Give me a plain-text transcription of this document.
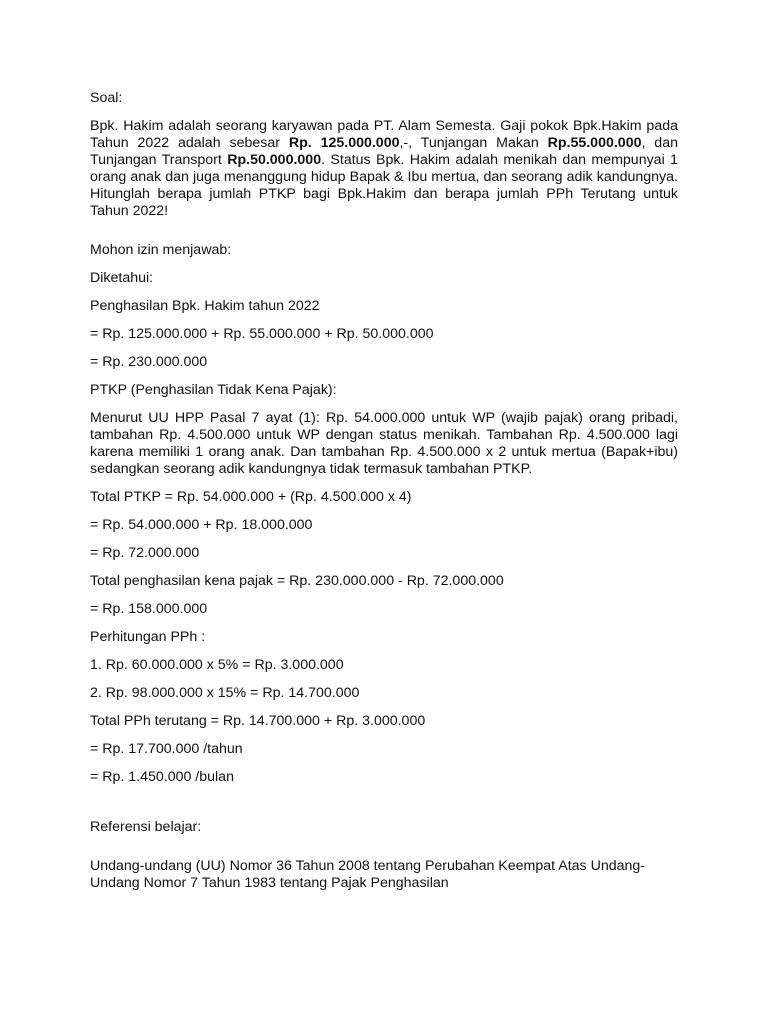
Soal:

Bpk. Hakim adalah seorang karyawan pada PT. Alam Semesta. Gaji pokok Bpk.Hakim pada Tahun 2022 adalah sebesar Rp. 125.000.000,-, Tunjangan Makan Rp.55.000.000, dan Tunjangan Transport Rp.50.000.000. Status Bpk. Hakim adalah menikah dan mempunyai 1 orang anak dan juga menanggung hidup Bapak & Ibu mertua, dan seorang adik kandungnya. Hitunglah berapa jumlah PTKP bagi Bpk.Hakim dan berapa jumlah PPh Terutang untuk Tahun 2022!

Mohon izin menjawab:

Diketahui:

Penghasilan Bpk. Hakim tahun 2022

= Rp. 125.000.000 + Rp. 55.000.000 + Rp. 50.000.000

= Rp. 230.000.000

PTKP (Penghasilan Tidak Kena Pajak):

Menurut UU HPP Pasal 7 ayat (1): Rp. 54.000.000 untuk WP (wajib pajak) orang pribadi, tambahan Rp. 4.500.000 untuk WP dengan status menikah. Tambahan Rp. 4.500.000 lagi karena memiliki 1 orang anak. Dan tambahan Rp. 4.500.000 x 2 untuk mertua (Bapak+ibu) sedangkan seorang adik kandungnya tidak termasuk tambahan PTKP.

Total PTKP = Rp. 54.000.000 + (Rp. 4.500.000 x 4)

= Rp. 54.000.000 + Rp. 18.000.000

= Rp. 72.000.000

Total penghasilan kena pajak = Rp. 230.000.000 - Rp. 72.000.000

= Rp. 158.000.000

Perhitungan PPh :

1. Rp. 60.000.000 x 5% = Rp. 3.000.000

2. Rp. 98.000.000 x 15% = Rp. 14.700.000

Total PPh terutang = Rp. 14.700.000 + Rp. 3.000.000

= Rp. 17.700.000 /tahun

= Rp. 1.450.000 /bulan

Referensi belajar:

Undang-undang (UU) Nomor 36 Tahun 2008 tentang Perubahan Keempat Atas Undang-Undang Nomor 7 Tahun 1983 tentang Pajak Penghasilan
